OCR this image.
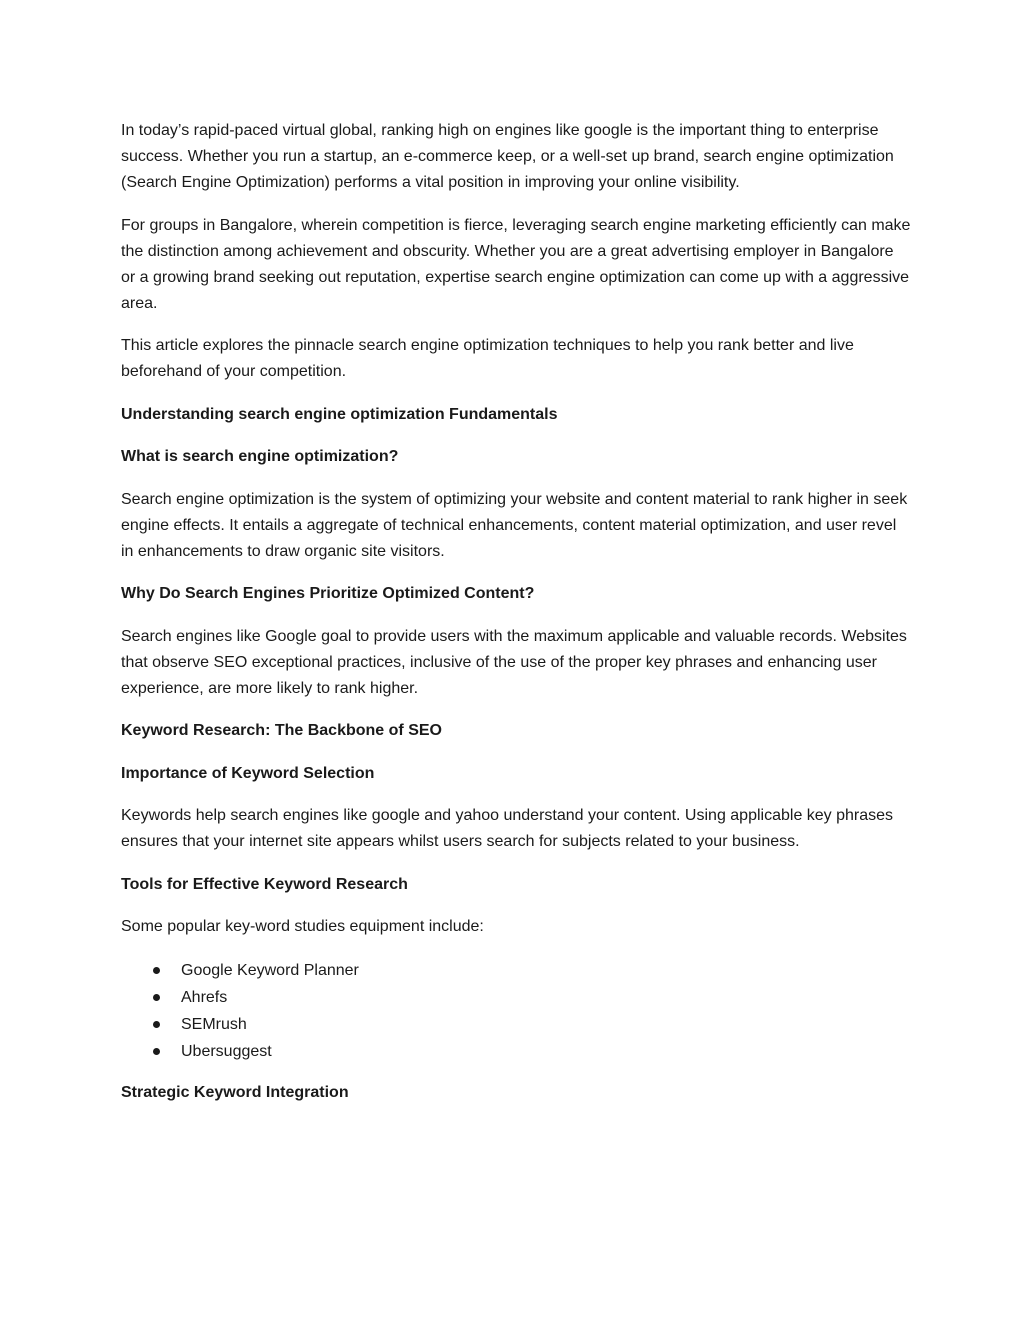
In today’s rapid-paced virtual global, ranking high on engines like google is the important thing to enterprise success. Whether you run a startup, an e-commerce keep, or a well-set up brand, search engine optimization (Search Engine Optimization) performs a vital position in improving your online visibility.

For groups in Bangalore, wherein competition is fierce, leveraging search engine marketing efficiently can make the distinction among achievement and obscurity. Whether you are a great advertising employer in Bangalore or a growing brand seeking out reputation, expertise search engine optimization can come up with a aggressive area.

This article explores the pinnacle search engine optimization techniques to help you rank better and live beforehand of your competition.

Understanding search engine optimization Fundamentals

What is search engine optimization?

Search engine optimization is the system of optimizing your website and content material to rank higher in seek engine effects. It entails a aggregate of technical enhancements, content material optimization, and user revel in enhancements to draw organic site visitors.

Why Do Search Engines Prioritize Optimized Content?

Search engines like Google goal to provide users with the maximum applicable and valuable records. Websites that observe SEO exceptional practices, inclusive of the use of the proper key phrases and enhancing user experience, are more likely to rank higher.

Keyword Research: The Backbone of SEO

Importance of Keyword Selection

Keywords help search engines like google and yahoo understand your content. Using applicable key phrases ensures that your internet site appears whilst users search for subjects related to your business.

Tools for Effective Keyword Research

Some popular key-word studies equipment include:

Google Keyword Planner
Ahrefs
SEMrush
Ubersuggest

Strategic Keyword Integration
